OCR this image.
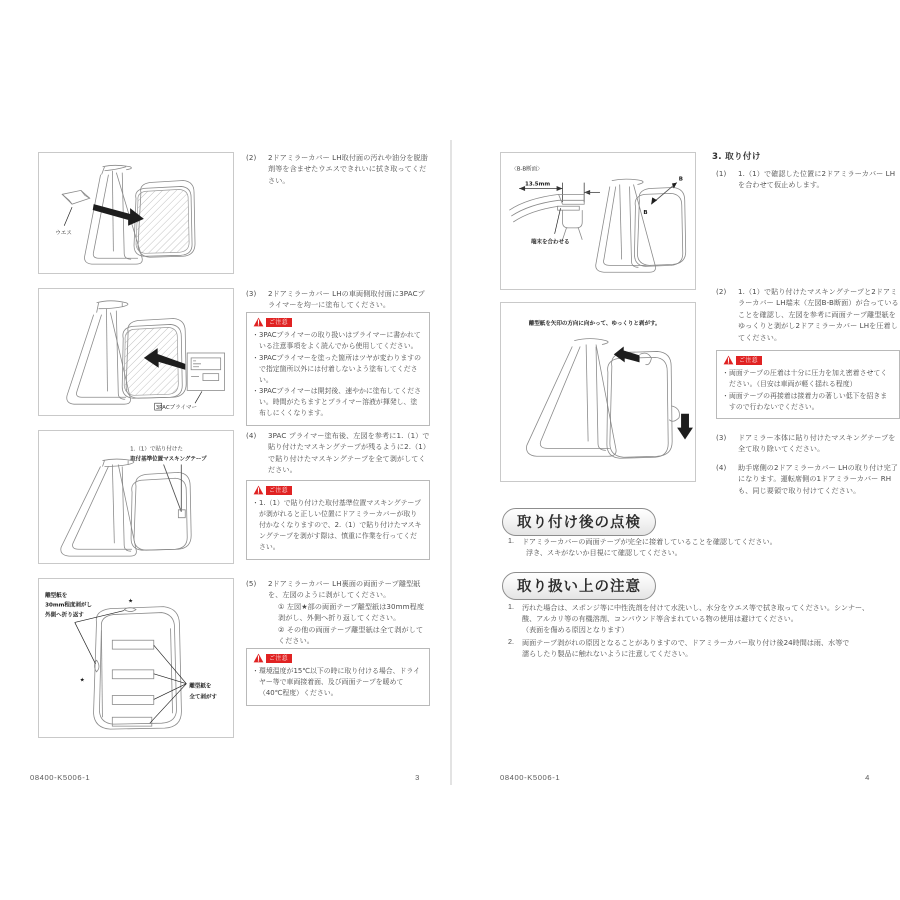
ウエス
3PACプライマー
1.（1）で貼り付けた
取付基準位置マスキングテープ
離型紙を
30mm程度剥がし
外側へ折り返す
★
★
離型紙を
全て剥がす
(2)	2ドアミラーカバー LH取付面の汚れや油分を脱脂剤等を含ませたウエスできれいに拭き取ってください。
(3)	2ドアミラーカバー LHの車両側取付面に3PACプライマーを均一に塗布してください。
ご注意
・ 3PACプライマーの取り扱いはプライマーに書かれている注意事項をよく読んでから使用してください。
・ 3PACプライマーを塗った箇所はツヤが変わりますので指定箇所以外には付着しないよう塗布してください。
・ 3PACプライマーは開封後、速やかに塗布してください。時間がたちますとプライマー溶液が揮発し、塗布しにくくなります。
(4)	3PAC プライマー塗布後、左図を参考に1.（1）で貼り付けたマスキングテープが残るように2.（1）で貼り付けたマスキングテープを全て剥がしてください。
ご注意
・ 1.（1）で貼り付けた取付基準位置マスキングテープが剥がれると正しい位置にドアミラーカバーが取り付かなくなりますので、2.（1）で貼り付けたマスキングテープを剥がす際は、慎重に作業を行ってください。
(5)	2ドアミラーカバー LH裏面の両面テープ離型紙を、左図のように剥がしてください。
① 左図★部の両面テープ離型紙は30mm程度剥がし、外側へ折り返してください。
② その他の両面テープ離型紙は全て剥がしてください。
ご注意
・ 環境温度が15℃以下の時に取り付ける場合、ドライヤー等で車両接着面、及び両面テープを暖めて（40℃程度）ください。
08400-K5006-1	3
〈B-B断面〉
13.5mm
端末を合わせる
B
B
離型紙を矢印の方向に向かって、ゆっくりと剥がす。
3. 取り付け
(1)	1.（1）で確認した位置に2ドアミラーカバー LHを合わせて仮止めします。
(2)	1.（1）で貼り付けたマスキングテープと2ドアミラーカバー LH端末（左図B-B断面）が合っていることを確認し、左図を参考に両面テープ離型紙をゆっくりと剥がし2ドアミラーカバー LHを圧着してください。
ご注意
・ 両面テープの圧着は十分に圧力を加え密着させてください。（目安は車両が軽く揺れる程度）
・ 両面テープの再接着は接着力の著しい低下を招きますので行わないでください。
(3)	ドアミラー本体に貼り付けたマスキングテープを全て取り除いてください。
(4)	助手席側の2ドアミラーカバー LHの取り付け完了になります。運転席側の1ドアミラーカバー RHも、同じ要領で取り付けてください。
取り付け後の点検
1.	ドアミラーカバーの両面テープが完全に接着していることを確認してください。
浮き、スキがないか目視にて確認してください。
取り扱い上の注意
1.	汚れた場合は、スポンジ等に中性洗剤を付けて水洗いし、水分をウエス等で拭き取ってください。シンナー、
酸、アルカリ等の有機溶剤、コンパウンド等含まれている物の使用は避けてください。
（表面を傷める原因となります）
2.	両面テープ剥がれの原因となることがありますので、ドアミラーカバー取り付け後24時間は雨、水等で
濡らしたり製品に触れないように注意してください。
08400-K5006-1	4
